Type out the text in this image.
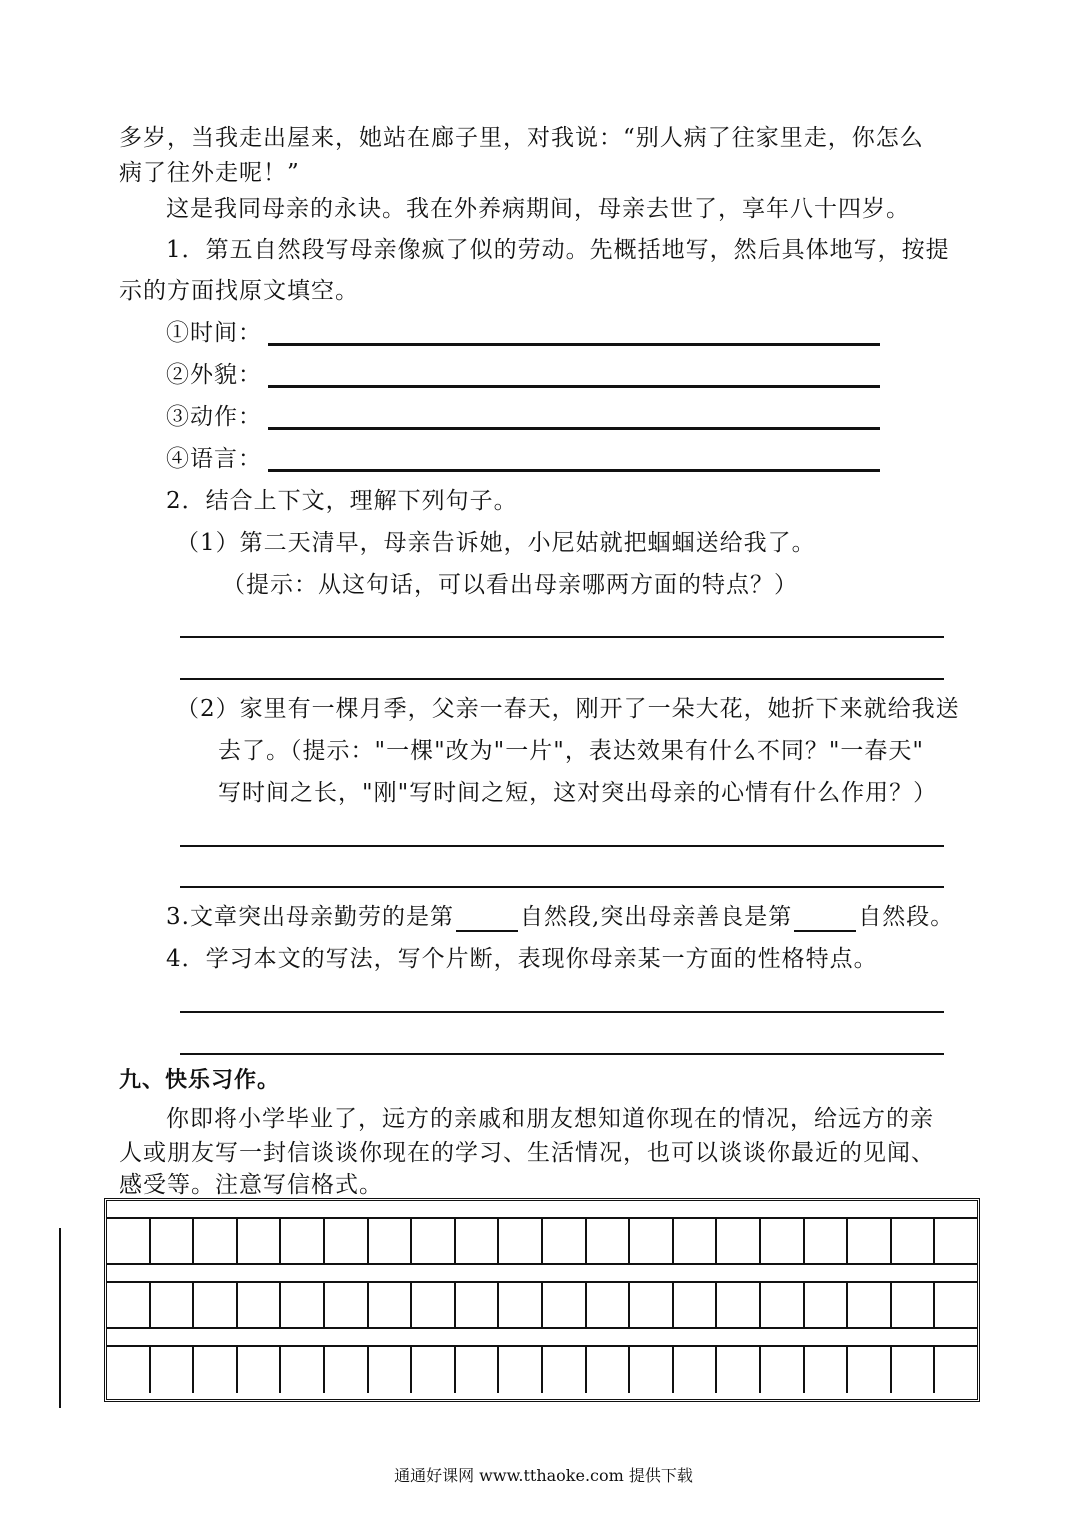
多岁，当我走出屋来，她站在廊子里，对我说：“别人病了往家里走，你怎么
病了往外走呢！”
这是我同母亲的永诀。我在外养病期间，母亲去世了，享年八十四岁。
1．第五自然段写母亲像疯了似的劳动。先概括地写，然后具体地写，按提
示的方面找原文填空。
①时间：
②外貌：
③动作：
④语言：
2．结合上下文，理解下列句子。
（1）第二天清早，母亲告诉她，小尼姑就把蝈蝈送给我了。
（提示：从这句话，可以看出母亲哪两方面的特点？）
（2）家里有一棵月季，父亲一春天，刚开了一朵大花，她折下来就给我送
去了。（提示："一棵"改为"一片"，表达效果有什么不同？"一春天"
写时间之长，"刚"写时间之短，这对突出母亲的心情有什么作用？）
3.文章突出母亲勤劳的是第	自然段,突出母亲善良是第	自然段。
4．学习本文的写法，写个片断，表现你母亲某一方面的性格特点。
九、快乐习作。
你即将小学毕业了，远方的亲戚和朋友想知道你现在的情况，给远方的亲
人或朋友写一封信谈谈你现在的学习、生活情况，也可以谈谈你最近的见闻、
感受等。注意写信格式。
通通好课网 www.tthaoke.com 提供下载
